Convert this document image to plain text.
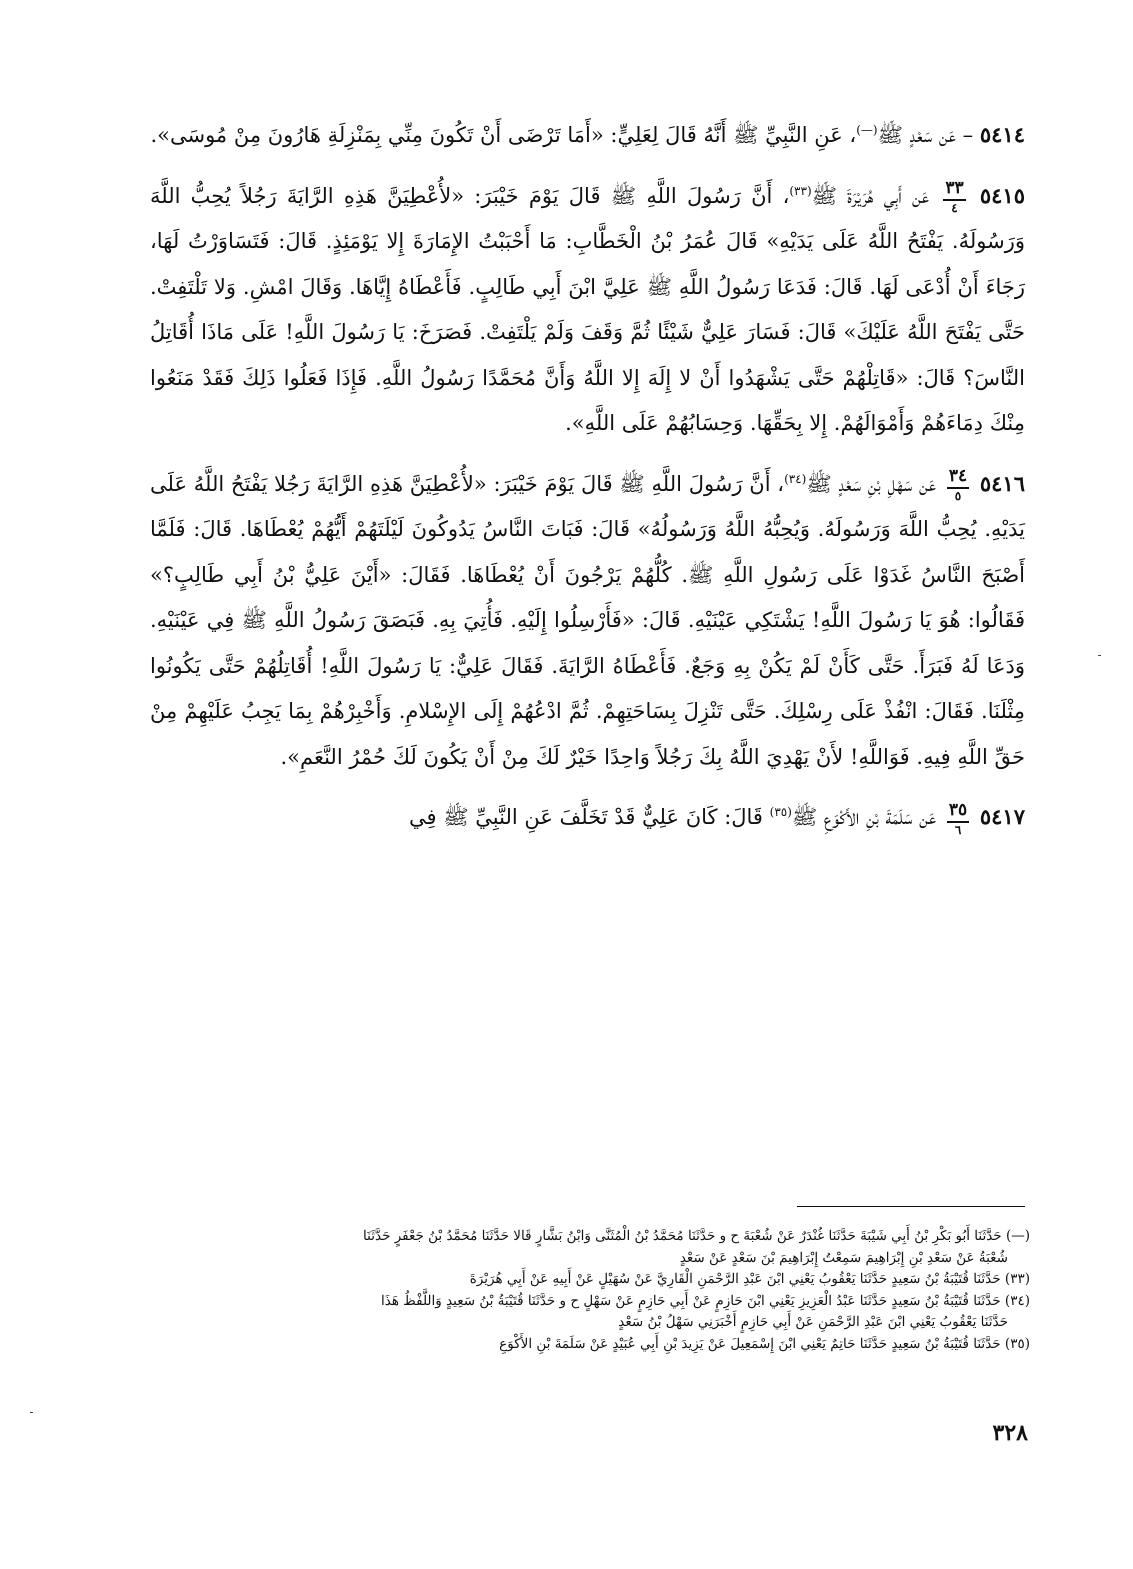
٥٤١٤ – عَن سَعْدٍ ﷺ(—)، عَنِ النَّبِيِّ ﷺ أَنَّهُ قَالَ لِعَلِيٍّ: «أَمَا تَرْضَى أَنْ تَكُونَ مِنِّي بِمَنْزِلَةِ هَارُونَ مِنْ مُوسَى».

٥٤١٥
$\frac{٣٣}{٤}$
عَن أَبِي هُرَيْرَةَ ﷺ$^{(٣٣)}$، أَنَّ رَسُولَ اللَّهِ ﷺ قَالَ يَوْمَ خَيْبَرَ: «لأُعْطِيَنَّ هَذِهِ الرَّايَةَ رَجُلاً يُحِبُّ اللَّهَ وَرَسُولَهُ. يَفْتَحُ اللَّهُ عَلَى يَدَيْهِ» قَالَ عُمَرُ بْنُ الْخَطَّابِ: مَا أَحْبَبْتُ الإِمَارَةَ إِلا يَوْمَئِذٍ. قَالَ: فَتَسَاوَرْتُ لَهَا، رَجَاءَ أَنْ أُدْعَى لَهَا. قَالَ: فَدَعَا رَسُولُ اللَّهِ ﷺ عَلِيَّ ابْنَ أَبِي طَالِبٍ. فَأَعْطَاهُ إِيَّاهَا. وَقَالَ امْشِ. وَلا تَلْتَفِتْ. حَتَّى يَفْتَحَ اللَّهُ عَلَيْكَ» قَالَ: فَسَارَ عَلِيٌّ شَيْئًا ثُمَّ وَقَفَ وَلَمْ يَلْتَفِتْ. فَصَرَخَ: يَا رَسُولَ اللَّهِ! عَلَى مَاذَا أُقَاتِلُ النَّاسَ؟ قَالَ: «قَاتِلْهُمْ حَتَّى يَشْهَدُوا أَنْ لا إِلَهَ إِلا اللَّهُ وَأَنَّ مُحَمَّدًا رَسُولُ اللَّهِ. فَإِذَا فَعَلُوا ذَلِكَ فَقَدْ مَنَعُوا مِنْكَ دِمَاءَهُمْ وَأَمْوَالَهُمْ. إِلا بِحَقِّهَا. وَحِسَابُهُمْ عَلَى اللَّهِ».

٥٤١٦
$\frac{٣٤}{٥}$
عَن سَهْلِ بْنِ سَعْدٍ ﷺ$^{(٣٤)}$، أَنَّ رَسُولَ اللَّهِ ﷺ قَالَ يَوْمَ خَيْبَرَ: «لأُعْطِيَنَّ هَذِهِ الرَّايَةَ رَجُلا يَفْتَحُ اللَّهُ عَلَى يَدَيْهِ. يُحِبُّ اللَّهَ وَرَسُولَهُ. وَيُحِبُّهُ اللَّهُ وَرَسُولُهُ» قَالَ: فَبَاتَ النَّاسُ يَدُوكُونَ لَيْلَتَهُمْ أَيُّهُمْ يُعْطَاهَا. قَالَ: فَلَمَّا أَصْبَحَ النَّاسُ غَدَوْا عَلَى رَسُولِ اللَّهِ ﷺ. كُلُّهُمْ يَرْجُونَ أَنْ يُعْطَاهَا. فَقَالَ: «أَيْنَ عَلِيُّ بْنُ أَبِي طَالِبٍ؟» فَقَالُوا: هُوَ يَا رَسُولَ اللَّهِ! يَشْتَكِي عَيْنَيْهِ. قَالَ: «فَأَرْسِلُوا إِلَيْهِ. فَأُتِيَ بِهِ. فَبَصَقَ رَسُولُ اللَّهِ ﷺ فِي عَيْنَيْهِ. وَدَعَا لَهُ فَبَرَأَ. حَتَّى كَأَنْ لَمْ يَكُنْ بِهِ وَجَعٌ. فَأَعْطَاهُ الرَّايَةَ. فَقَالَ عَلِيٌّ: يَا رَسُولَ اللَّهِ! أُقَاتِلُهُمْ حَتَّى يَكُونُوا مِثْلَنَا. فَقَالَ: انْفُذْ عَلَى رِسْلِكَ. حَتَّى تَنْزِلَ بِسَاحَتِهِمْ. ثُمَّ ادْعُهُمْ إِلَى الإِسْلامِ. وَأَخْبِرْهُمْ بِمَا يَجِبُ عَلَيْهِمْ مِنْ حَقِّ اللَّهِ فِيهِ. فَوَاللَّهِ! لأَنْ يَهْدِيَ اللَّهُ بِكَ رَجُلاً وَاحِدًا خَيْرٌ لَكَ مِنْ أَنْ يَكُونَ لَكَ حُمْرُ النَّعَمِ».

٥٤١٧
$\frac{٣٥}{٦}$
عَن سَلَمَةَ بْنِ الأَكْوَعِ ﷺ$^{(٣٥)}$ قَالَ: كَانَ عَلِيٌّ قَدْ تَخَلَّفَ عَنِ النَّبِيِّ ﷺ فِي

(—) حَدَّثَنَا أَبُو بَكْرِ بْنُ أَبِي شَيْبَةَ حَدَّثَنَا غُنْدَرٌ عَنْ شُعْبَةَ ح و حَدَّثَنَا مُحَمَّدُ بْنُ الْمُثَنَّى وَابْنُ بَشَّارٍ قَالا حَدَّثَنَا مُحَمَّدُ بْنُ جَعْفَرٍ حَدَّثَنَا

شُعْبَةُ عَنْ سَعْدِ بْنِ إِبْرَاهِيمَ سَمِعْتُ إِبْرَاهِيمَ بْنَ سَعْدٍ عَنْ سَعْدٍ

(٣٣) حَدَّثَنَا قُتَيْبَةُ بْنُ سَعِيدٍ حَدَّثَنَا يَعْقُوبُ يَعْنِي ابْنَ عَبْدِ الرَّحْمَنِ الْقَارِيَّ عَنْ سُهَيْلٍ عَنْ أَبِيهِ عَنْ أَبِي هُرَيْرَةَ

(٣٤) حَدَّثَنَا قُتَيْبَةُ بْنُ سَعِيدٍ حَدَّثَنَا عَبْدُ الْعَزِيزِ يَعْنِي ابْنَ حَازِمٍ عَنْ أَبِي حَازِمٍ عَنْ سَهْلٍ ح و حَدَّثَنَا قُتَيْبَةُ بْنُ سَعِيدٍ وَاللَّفْظُ هَذَا

حَدَّثَنَا يَعْقُوبُ يَعْنِي ابْنَ عَبْدِ الرَّحْمَنِ عَنْ أَبِي حَازِمٍ أَخْبَرَنِي سَهْلُ بْنُ سَعْدٍ

(٣٥) حَدَّثَنَا قُتَيْبَةُ بْنُ سَعِيدٍ حَدَّثَنَا حَاتِمٌ يَعْنِي ابْنَ إِسْمَعِيلَ عَنْ يَزِيدَ بْنِ أَبِي عُبَيْدٍ عَنْ سَلَمَةَ بْنِ الأَكْوَعِ

٣٢٨
